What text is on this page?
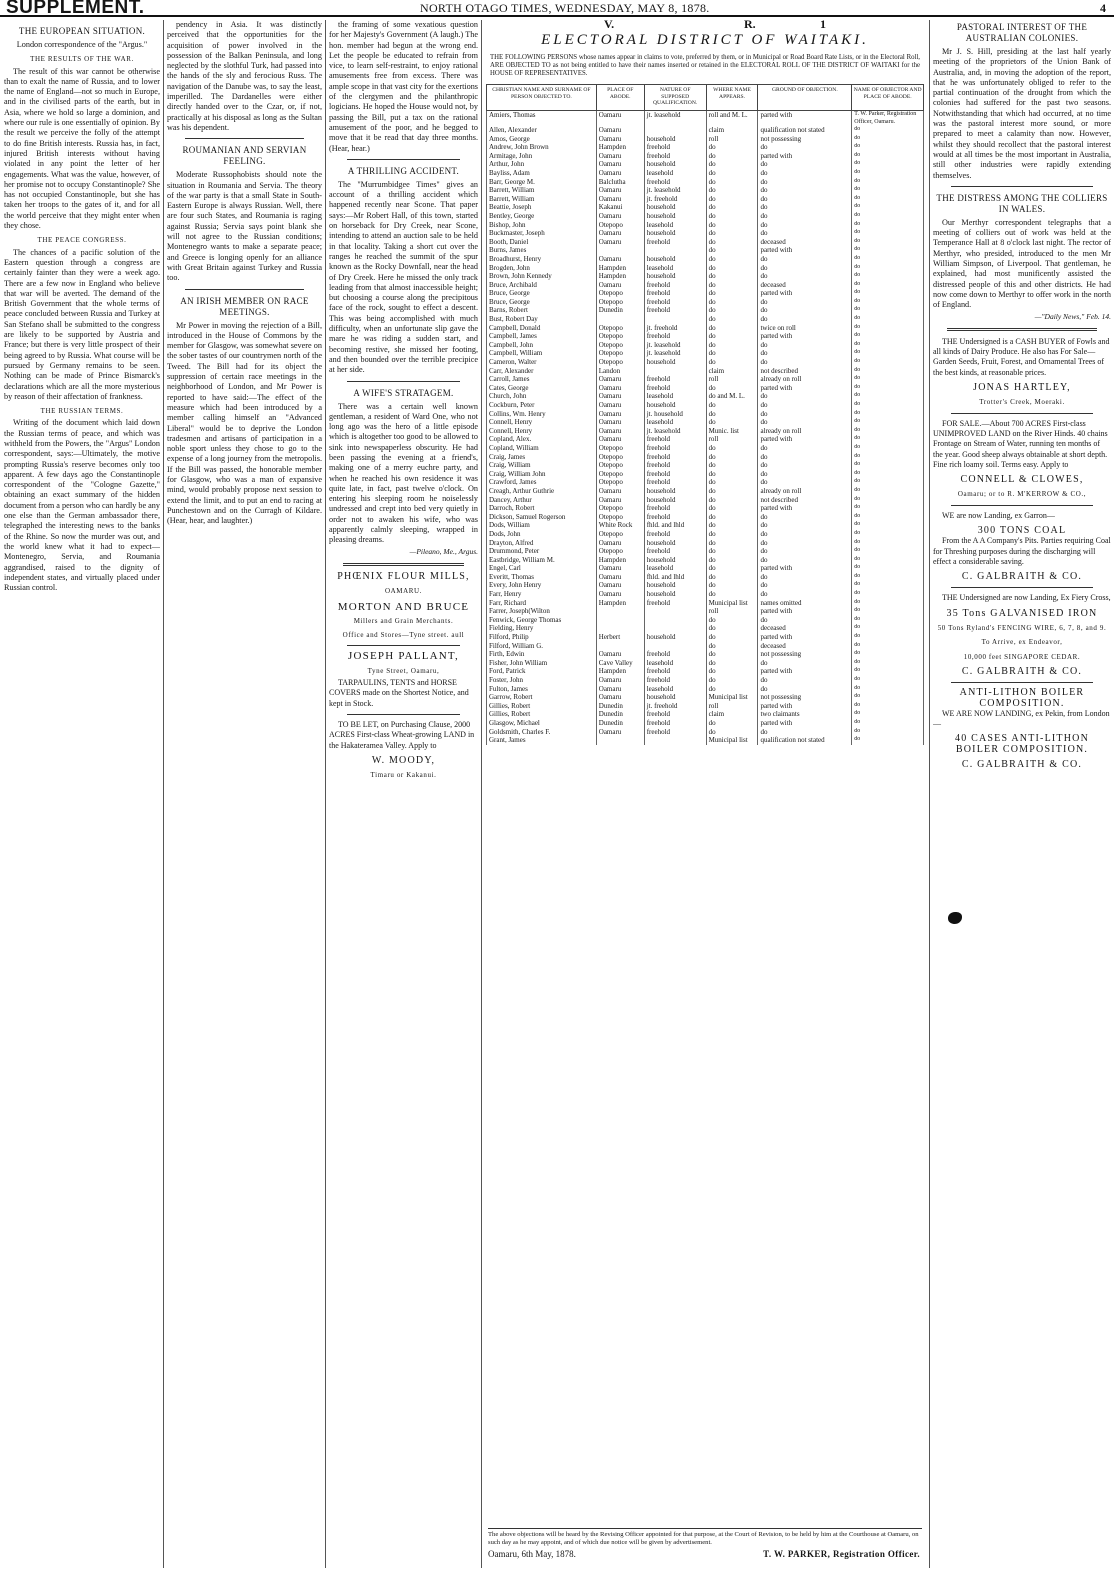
SUPPLEMENT.	NORTH OTAGO TIMES, WEDNESDAY, MAY 8, 1878.	4
THE EUROPEAN SITUATION.

London correspondence of the "Argus."

THE RESULTS OF THE WAR.

The result of this war cannot be otherwise than to exalt the name of Russia, and to lower the name of England—not so much in Europe, and in the civilised parts of the earth, but in Asia, where we hold so large a dominion, and where our rule is one essentially of opinion. By the result we perceive the folly of the attempt to do fine British interests. Russia has, in fact, injured British interests without having violated in any point the letter of her engagements. What was the value, however, of her promise not to occupy Constantinople? She has not occupied Constantinople, but she has taken her troops to the gates of it, and for all the world perceive that they might enter when they chose.

THE PEACE CONGRESS.

The chances of a pacific solution of the Eastern question through a congress are certainly fainter than they were a week ago. There are a few now in England who believe that war will be averted. The demand of the British Government that the whole terms of peace concluded between Russia and Turkey at San Stefano shall be submitted to the congress are likely to be supported by Austria and France; but there is very little prospect of their being agreed to by Russia. What course will be pursued by Germany remains to be seen. Nothing can be made of Prince Bismarck's declarations which are all the more mysterious by reason of their affectation of frankness.

THE RUSSIAN TERMS.

Writing of the document which laid down the Russian terms of peace, and which was withheld from the Powers, the "Argus" London correspondent, says:—Ultimately, the motive prompting Russia's reserve becomes only too apparent. A few days ago the Constantinople correspondent of the "Cologne Gazette," obtaining an exact summary of the hidden document from a person who can hardly be any one else than the German ambassador there, telegraphed the interesting news to the banks of the Rhine. So now the murder was out, and the world knew what it had to expect—Montenegro, Servia, and Roumania aggrandised, raised to the dignity of independent states, and virtually placed under Russian control.

pendency in Asia. It was distinctly perceived that the opportunities for the acquisition of power involved in the possession of the Balkan Peninsula, and long neglected by the slothful Turk, had passed into the hands of the sly and ferocious Russ. The navigation of the Danube was, to say the least, imperilled. The Dardanelles were either directly handed over to the Czar, or, if not, practically at his disposal as long as the Sultan was his dependent.

ROUMANIAN AND SERVIAN FEELING.

Moderate Russophobists should note the situation in Roumania and Servia. The theory of the war party is that a small State in South-Eastern Europe is always Russian. Well, there are four such States, and Roumania is raging against Russia; Servia says point blank she will not agree to the Russian conditions; Montenegro wants to make a separate peace; and Greece is longing openly for an alliance with Great Britain against Turkey and Russia too.

AN IRISH MEMBER ON RACE MEETINGS.

Mr Power in moving the rejection of a Bill, introduced in the House of Commons by the member for Glasgow, was somewhat severe on the sober tastes of our countrymen north of the Tweed. The Bill had for its object the suppression of certain race meetings in the neighborhood of London, and Mr Power is reported to have said:—The effect of the measure which had been introduced by a member calling himself an "Advanced Liberal" would be to deprive the London tradesmen and artisans of participation in a noble sport unless they chose to go to the expense of a long journey from the metropolis. If the Bill was passed, the honorable member for Glasgow, who was a man of expansive mind, would probably propose next session to extend the limit, and to put an end to racing at Punchestown and on the Curragh of Kildare. (Hear, hear, and laughter.)

the framing of some vexatious question for her Majesty's Government (A laugh.) The hon. member had begun at the wrong end. Let the people be educated to refrain from vice, to learn self-restraint, to enjoy rational amusements free from excess. There was ample scope in that vast city for the exertions of the clergymen and the philanthropic logicians. He hoped the House would not, by passing the Bill, put a tax on the rational amusement of the poor, and he begged to move that it be read that day three months. (Hear, hear.)

A THRILLING ACCIDENT.

The "Murrumbidgee Times" gives an account of a thrilling accident which happened recently near Scone. That paper says:—Mr Robert Hall, of this town, started on horseback for Dry Creek, near Scone, intending to attend an auction sale to be held in that locality. Taking a short cut over the ranges he reached the summit of the spur known as the Rocky Downfall, near the head of Dry Creek. Here he missed the only track leading from that almost inaccessible height; but choosing a course along the precipitous face of the rock, sought to effect a descent. This was being accomplished with much difficulty, when an unfortunate slip gave the mare he was riding a sudden start, and becoming restive, she missed her footing, and then bounded over the terrible precipice at her side.

A WIFE'S STRATAGEM.

There was a certain well known gentleman, a resident of Ward One, who not long ago was the hero of a little episode which is altogether too good to be allowed to sink into newspaperless obscurity. He had been passing the evening at a friend's, making one of a merry euchre party, and when he reached his own residence it was quite late, in fact, past twelve o'clock. On entering his sleeping room he noiselessly undressed and crept into bed very quietly in order not to awaken his wife, who was apparently calmly sleeping, wrapped in pleasing dreams.

—Pileano, Me., Argus.

PHŒNIX FLOUR MILLS,
OAMARU.
MORTON AND BRUCE
Millers and Grain Merchants.
Office and Stores—Tyne street. aull
JOSEPH PALLANT,
Tyne Street, Oamaru,

TARPAULINS, TENTS and HORSE COVERS made on the Shortest Notice, and kept in Stock.

TO BE LET, on Purchasing Clause, 2000 ACRES First-class Wheat-growing LAND in the Hakateramea Valley. Apply to

W. MOODY,
Timaru or Kakanui.
V.	R.	1
ELECTORAL DISTRICT OF WAITAKI.
THE FOLLOWING PERSONS whose names appear in claims to vote, preferred by them, or in Municipal or Road Board Rate Lists, or in the Electoral Roll, ARE OBJECTED TO as not being entitled to have their names inserted or retained in the ELECTORAL ROLL OF THE DISTRICT OF WAITAKI for the HOUSE OF REPRESENTATIVES.
CHRISTIAN NAME AND SURNAME OF PERSON OBJECTED TO.	PLACE OF ABODE.	NATURE OF SUPPOSED QUALIFICATION.	WHERE NAME APPEARS.	GROUND OF OBJECTION.	NAME OF OBJECTOR AND PLACE OF ABODE.
Amiers, Thomas	Oamaru	jt. leasehold	roll and M. L.	parted with	T. W. Parker, Registration Officer, Oamaru.
Allen, Alexander	Oamaru		claim	qualification not stated	do
Amos, George	Oamaru	household	roll	not possessing	do
Andrew, John Brown	Hampden	freehold	do	do	do
Armitage, John	Oamaru	freehold	do	parted with	do
Arthur, John	Oamaru	household	do	do	do
Bayliss, Adam	Oamaru	leasehold	do	do	do
Barr, George M.	Balclutha	freehold	do	do	do
Barrett, William	Oamaru	jt. leasehold	do	do	do
Barrett, William	Oamaru	jt. freehold	do	do	do
Beattie, Joseph	Kakanui	household	do	do	do
Bentley, George	Oamaru	household	do	do	do
Bishop, John	Otepopo	leasehold	do	do	do
Buckmaster, Joseph	Oamaru	household	do	do	do
Booth, Daniel	Oamaru	freehold	do	deceased	do
Burns, James			do	parted with	do
Broadhurst, Henry	Oamaru	household	do	do	do
Brogden, John	Hampden	leasehold	do	do	do
Brown, John Kennedy	Hampden	household	do	do	do
Bruce, Archibald	Oamaru	freehold	do	deceased	do
Bruce, George	Otepopo	freehold	do	parted with	do
Bruce, George	Otepopo	freehold	do	do	do
Barns, Robert	Dunedin	freehold	do	do	do
Bust, Robert Day			do	do	do
Campbell, Donald	Otepopo	jt. freehold	do	twice on roll	do
Campbell, James	Otepopo	freehold	do	parted with	do
Campbell, John	Otepopo	jt. leasehold	do	do	do
Campbell, William	Otepopo	jt. leasehold	do	do	do
Cameron, Walter	Otepopo	household	do	do	do
Carr, Alexander	Landon		claim	not described	do
Carroll, James	Oamaru	freehold	roll	already on roll	do
Cates, George	Oamaru	freehold	do	parted with	do
Church, John	Oamaru	leasehold	do and M. L.	do	do
Cockburn, Peter	Oamaru	household	do	do	do
Collins, Wm. Henry	Oamaru	jt. household	do	do	do
Connell, Henry	Oamaru	leasehold	do	do	do
Connell, Henry	Oamaru	jt. leasehold	Munic. list	already on roll	do
Copland, Alex.	Oamaru	freehold	roll	parted with	do
Copland, William	Otepopo	freehold	do	do	do
Craig, James	Otepopo	freehold	do	do	do
Craig, William	Otepopo	freehold	do	do	do
Craig, William John	Otepopo	freehold	do	do	do
Crawford, James	Otepopo	freehold	do	do	do
Creagh, Arthur Guthrie	Oamaru	household	do	already on roll	do
Dancey, Arthur	Oamaru	household	do	not described	do
Darroch, Robert	Otepopo	freehold	do	parted with	do
Dickson, Samuel Rogerson	Otepopo	freehold	do	do	do
Dods, William	White Rock	fhld. and lhld	do	do	do
Dods, John	Otepopo	freehold	do	do	do
Drayton, Alfred	Oamaru	household	do	do	do
Drummond, Peter	Otepopo	freehold	do	do	do
Eastbridge, William M.	Hampden	household	do	do	do
Engel, Carl	Oamaru	leasehold	do	parted with	do
Everitt, Thomas	Oamaru	fhld. and lhld	do	do	do
Every, John Henry	Oamaru	household	do	do	do
Farr, Henry	Oamaru	household	do	do	do
Farr, Richard	Hampden	freehold	Municipal list	names omitted	do
Farrer, Joseph(Wilton			roll	parted with	do
Fenwick, George Thomas			do	do	do
Fielding, Henry			do	deceased	do
Filford, Philip	Herbert	household	do	parted with	do
Filford, William G.			do	deceased	do
Firth, Edwin	Oamaru	freehold	do	not possessing	do
Fisher, John William	Cave Valley	leasehold	do	do	do
Ford, Patrick	Hampden	freehold	do	parted with	do
Foster, John	Oamaru	freehold	do	do	do
Fulton, James	Oamaru	leasehold	do	do	do
Garrow, Robert	Oamaru	household	Municipal list	not possessing	do
Gillies, Robert	Dunedin	jt. freehold	roll	parted with	do
Gillies, Robert	Dunedin	freehold	claim	two claimants	do
Glasgow, Michael	Dunedin	freehold	do	parted with	do
Goldsmith, Charles F.	Oamaru	freehold	do	do	do
Grant, James			Municipal list	qualification not stated	do
The above objections will be heard by the Revising Officer appointed for that purpose, at the Court of Revision, to be held by him at the Courthouse at Oamaru, on such day as he may appoint, and of which due notice will be given by advertisement.
Oamaru, 6th May, 1878.	T. W. PARKER, Registration Officer.
PASTORAL INTEREST OF THE AUSTRALIAN COLONIES.

Mr J. S. Hill, presiding at the last half yearly meeting of the proprietors of the Union Bank of Australia, and, in moving the adoption of the report, that he was unfortunately obliged to refer to the partial continuation of the drought from which the colonies had suffered for the past two seasons. Notwithstanding that which had occurred, at no time was the pastoral interest more sound, or more prepared to meet a calamity than now. However, whilst they should recollect that the pastoral interest would at all times be the most important in Australia, still other industries were rapidly extending themselves.

THE DISTRESS AMONG THE COLLIERS IN WALES.

Our Merthyr correspondent telegraphs that a meeting of colliers out of work was held at the Temperance Hall at 8 o'clock last night. The rector of Merthyr, who presided, introduced to the men Mr William Simpson, of Liverpool. That gentleman, he explained, had most munificently assisted the distressed people of this and other districts. He had now come down to Merthyr to offer work in the north of England.

—"Daily News," Feb. 14.

THE Undersigned is a CASH BUYER of Fowls and all kinds of Dairy Produce. He also has For Sale—Garden Seeds, Fruit, Forest, and Ornamental Trees of the best kinds, at reasonable prices.

JONAS HARTLEY,
Trotter's Creek, Moeraki.

FOR SALE.—About 700 ACRES First-class UNIMPROVED LAND on the River Hinds. 40 chains Frontage on Stream of Water, running ten months of the year. Good sheep always obtainable at short depth. Fine rich loamy soil. Terms easy. Apply to

CONNELL & CLOWES,
Oamaru; or to R. M'KERROW & CO.,

WE are now Landing, ex Garron—

300 TONS COAL

From the A A Company's Pits. Parties requiring Coal for Threshing purposes during the discharging will effect a considerable saving.

C. GALBRAITH & CO.

THE Undersigned are now Landing, Ex Fiery Cross,

35 Tons GALVANISED IRON
50 Tons Ryland's FENCING WIRE, 6, 7, 8, and 9.
To Arrive, ex Endeavor,
10,000 feet SINGAPORE CEDAR.
C. GALBRAITH & CO.
ANTI-LITHON BOILER COMPOSITION.

WE ARE NOW LANDING, ex Pekin, from London—

40 CASES ANTI-LITHON BOILER COMPOSITION.
C. GALBRAITH & CO.
